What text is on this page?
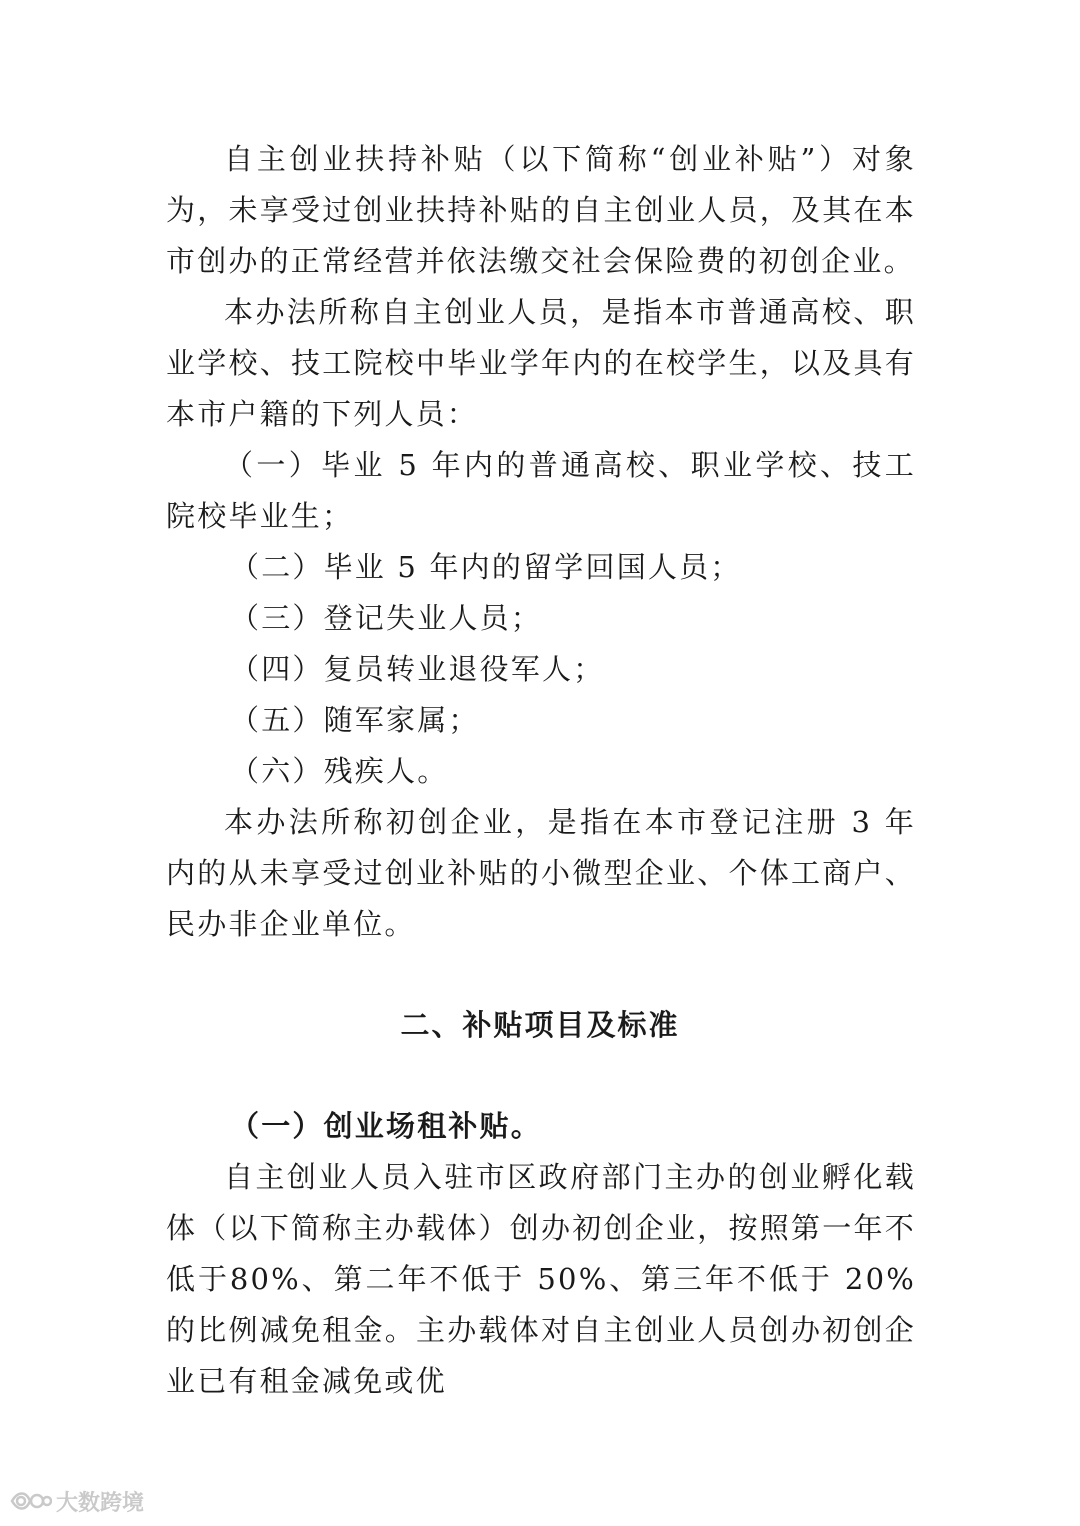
自主创业扶持补贴（以下简称“创业补贴”）对象为，未享受过创业扶持补贴的自主创业人员，及其在本市创办的正常经营并依法缴交社会保险费的初创企业。

本办法所称自主创业人员，是指本市普通高校、职业学校、技工院校中毕业学年内的在校学生，以及具有本市户籍的下列人员：

（一）毕业 5 年内的普通高校、职业学校、技工院校毕业生；

（二）毕业 5 年内的留学回国人员；

（三）登记失业人员；

（四）复员转业退役军人；

（五）随军家属；

（六）残疾人。

本办法所称初创企业，是指在本市登记注册 3 年内的从未享受过创业补贴的小微型企业、个体工商户、民办非企业单位。

二、补贴项目及标准
（一）创业场租补贴。

自主创业人员入驻市区政府部门主办的创业孵化载体（以下简称主办载体）创办初创企业，按照第一年不低于80%、第二年不低于 50%、第三年不低于 20%的比例减免租金。主办载体对自主创业人员创办初创企业已有租金减免或优

大数跨境
